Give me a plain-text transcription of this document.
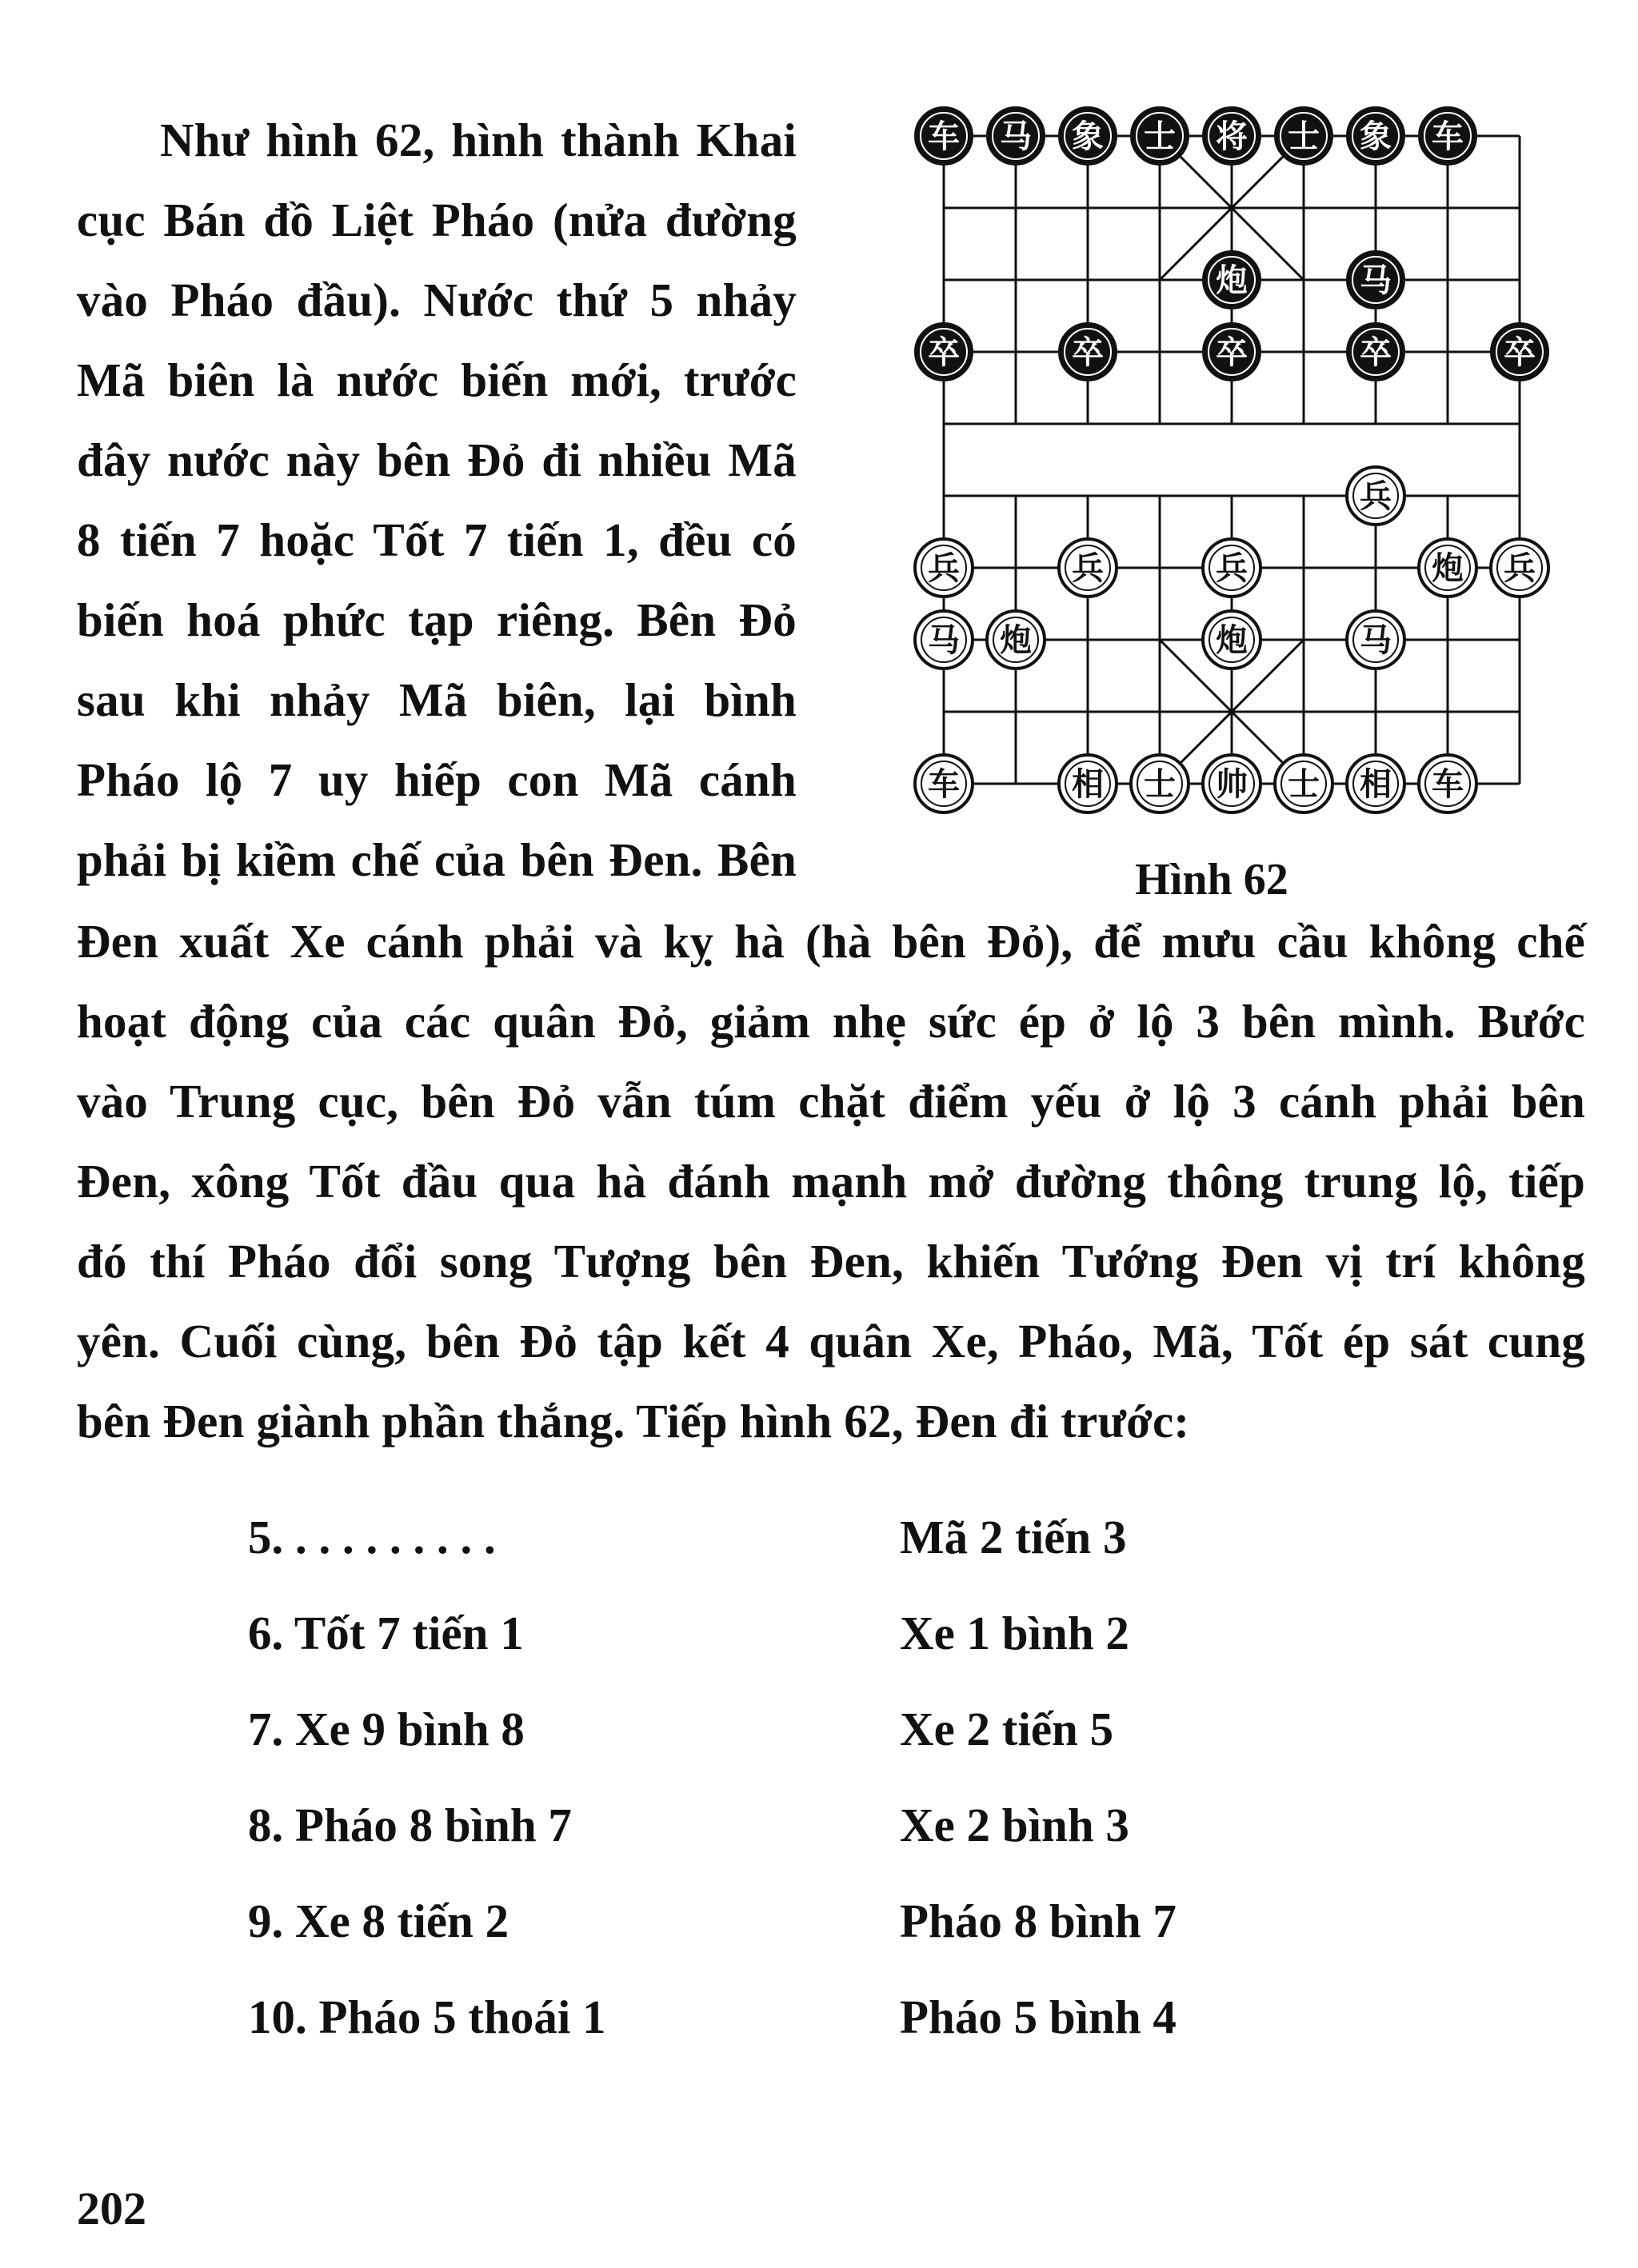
Như hình 62, hình thành Khai
cục Bán đồ Liệt Pháo (nửa đường
vào Pháo đầu). Nước thứ 5 nhảy
Mã biên là nước biến mới, trước
đây nước này bên Đỏ đi nhiều Mã
8 tiến 7 hoặc Tốt 7 tiến 1, đều có
biến hoá phức tạp riêng. Bên Đỏ
sau khi nhảy Mã biên, lại bình
Pháo lộ 7 uy hiếp con Mã cánh
phải bị kiềm chế của bên Đen. Bên
车 马 象 士 将 士 象 车
炮	马
卒	卒	卒	卒	卒
兵
兵	兵	兵	炮 兵
马 炮	炮	马
车	相 士 帅 士 相 车
Hình 62
Đen xuất Xe cánh phải và kỵ hà (hà bên Đỏ), để mưu cầu không chế
hoạt động của các quân Đỏ, giảm nhẹ sức ép ở lộ 3 bên mình. Bước
vào Trung cục, bên Đỏ vẫn túm chặt điểm yếu ở lộ 3 cánh phải bên
Đen, xông Tốt đầu qua hà đánh mạnh mở đường thông trung lộ, tiếp
đó thí Pháo đổi song Tượng bên Đen, khiến Tướng Đen vị trí không
yên. Cuối cùng, bên Đỏ tập kết 4 quân Xe, Pháo, Mã, Tốt ép sát cung
bên Đen giành phần thắng. Tiếp hình 62, Đen đi trước:
5. . . . . . . . . .	Mã 2 tiến 3
6. Tốt 7 tiến 1	Xe 1 bình 2
7. Xe 9 bình 8	Xe 2 tiến 5
8. Pháo 8 bình 7	Xe 2 bình 3
9. Xe 8 tiến 2	Pháo 8 bình 7
10. Pháo 5 thoái 1	Pháo 5 bình 4
202
